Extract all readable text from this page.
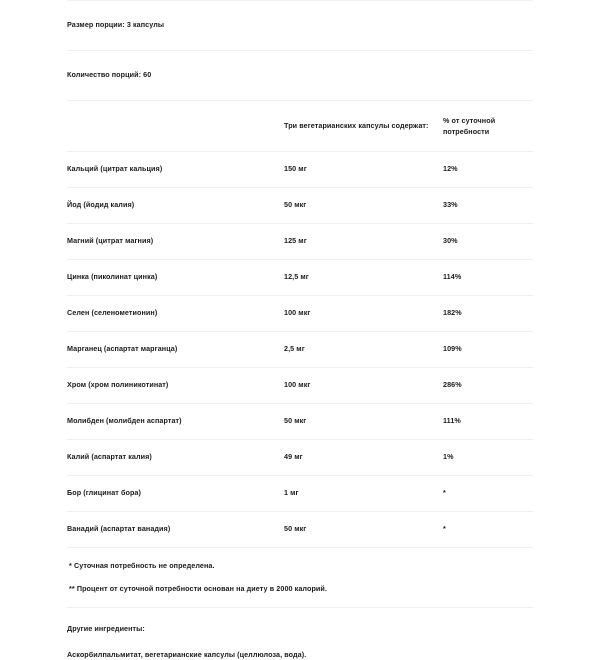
Размер порции: 3 капсулы
Количество порций: 60
	Три вегетарианских капсулы содержат:	% от суточной потребности
Кальций (цитрат кальция)	150 мг	12%
Йод (йодид калия)	50 мкг	33%
Магний (цитрат магния)	125 мг	30%
Цинка (пиколинат цинка)	12,5 мг	114%
Селен (селенометионин)	100 мкг	182%
Марганец (аспартат марганца)	2,5 мг	109%
Хром (хром полиникотинат)	100 мкг	286%
Молибден (молибден аспартат)	50 мкг	111%
Калий (аспартат калия)	49 мг	1%
Бор (глицинат бора)	1 мг	*
Ванадий (аспартат ванадия)	50 мкг	*
* Суточная потребность не определена.
** Процент от суточной потребности основан на диету в 2000 калорий.
Другие ингредиенты:
Аскорбилпальмитат, вегетарианские капсулы (целлюлоза, вода).
